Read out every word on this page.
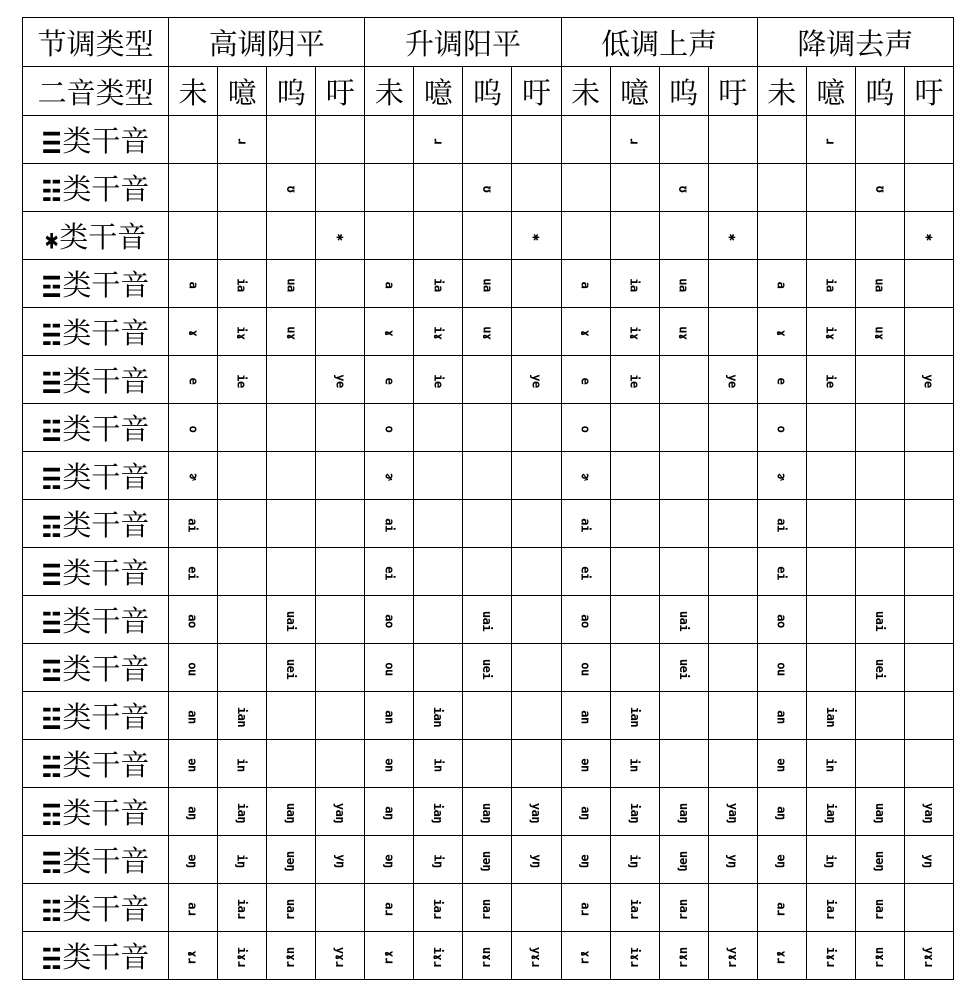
节调类型	高调阴平				升调阳平				低调上声				降调去声			
二音类型	未	噫	呜	吁	未	噫	呜	吁	未	噫	呜	吁	未	噫	呜	吁
☰类干音		ɹ				ɹ				ɹ				ɹ		
☷类干音			ʊ				ʊ				ʊ				ʊ	
✱类干音				✱				✱				✱				✱
☲类干音	a	ia	ua		a	ia	ua		a	ia	ua		a	ia	ua	
☵类干音	ɤ	iɤ	uɤ		ɤ	iɤ	uɤ		ɤ	iɤ	uɤ		ɤ	iɤ	uɤ	
☱类干音	e	ie		ye	e	ie		ye	e	ie		ye	e	ie		ye
☳类干音	o				o				o				o			
☴类干音	ɚ				ɚ				ɚ				ɚ			
☶类干音	ai				ai				ai				ai			
☰类干音	ei				ei				ei				ei			
☱类干音	ao		uai		ao		uai		ao		uai		ao		uai	
☲类干音	ou		uei		ou		uei		ou		uei		ou		uei	
☳类干音	an	ian			an	ian			an	ian			an	ian		
☵类干音	ən	in			ən	in			ən	in			ən	in		
☶类干音	aŋ	iaŋ	uaŋ	yaŋ	aŋ	iaŋ	uaŋ	yaŋ	aŋ	iaŋ	uaŋ	yaŋ	aŋ	iaŋ	uaŋ	yaŋ
☴类干音	əŋ	iŋ	uəŋ	yŋ	əŋ	iŋ	uəŋ	yŋ	əŋ	iŋ	uəŋ	yŋ	əŋ	iŋ	uəŋ	yŋ
☷类干音	aɹ	iaɹ	uaɹ		aɹ	iaɹ	uaɹ		aɹ	iaɹ	uaɹ		aɹ	iaɹ	uaɹ	
☵类干音	ɤɹ	iɤɹ	uɤɹ	yɤɹ	ɤɹ	iɤɹ	uɤɹ	yɤɹ	ɤɹ	iɤɹ	uɤɹ	yɤɹ	ɤɹ	iɤɹ	uɤɹ	yɤɹ
